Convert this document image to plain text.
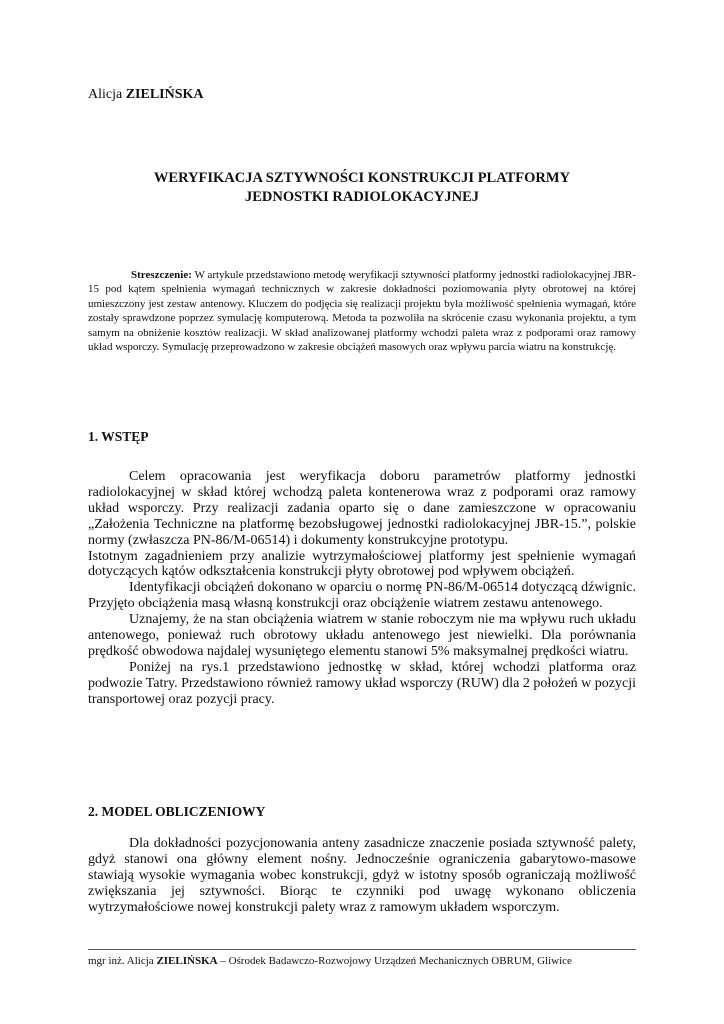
Alicja ZIELIŃSKA
WERYFIKACJA SZTYWNOŚCI KONSTRUKCJI PLATFORMY
JEDNOSTKI RADIOLOKACYJNEJ
Streszczenie: W artykule przedstawiono metodę weryfikacji sztywności platformy jednostki radiolokacyjnej JBR-15 pod kątem spełnienia wymagań technicznych w zakresie dokładności poziomowania płyty obrotowej na której umieszczony jest zestaw antenowy. Kluczem do podjęcia się realizacji projektu była możliwość spełnienia wymagań, które zostały sprawdzone poprzez symulację komputerową. Metoda ta pozwoliła na skrócenie czasu wykonania projektu, a tym samym na obniżenie kosztów realizacji. W skład analizowanej platformy wchodzi paleta wraz z podporami oraz ramowy układ wsporczy. Symulację przeprowadzono w zakresie obciążeń masowych oraz wpływu parcia wiatru na konstrukcję.
1. WSTĘP

Celem opracowania jest weryfikacja doboru parametrów platformy jednostki radiolokacyjnej w skład której wchodzą paleta kontenerowa wraz z podporami oraz ramowy układ wsporczy. Przy realizacji zadania oparto się o dane zamieszczone w opracowaniu „Założenia Techniczne na platformę bezobsługowej jednostki radiolokacyjnej JBR-15.”, polskie normy (zwłaszcza PN-86/M-06514) i dokumenty konstrukcyjne prototypu.

Istotnym zagadnieniem przy analizie wytrzymałościowej platformy jest spełnienie wymagań dotyczących kątów odkształcenia konstrukcji płyty obrotowej pod wpływem obciążeń.

Identyfikacji obciążeń dokonano w oparciu o normę PN-86/M-06514 dotyczącą dźwignic. Przyjęto obciążenia masą własną konstrukcji oraz obciążenie wiatrem zestawu antenowego.

Uznajemy, że na stan obciążenia wiatrem w stanie roboczym nie ma wpływu ruch układu antenowego, ponieważ ruch obrotowy układu antenowego jest niewielki. Dla porównania prędkość obwodowa najdalej wysuniętego elementu stanowi 5% maksymalnej prędkości wiatru.

Poniżej na rys.1 przedstawiono jednostkę w skład, której wchodzi platforma oraz podwozie Tatry. Przedstawiono również ramowy układ wsporczy (RUW) dla 2 położeń w pozycji transportowej oraz pozycji pracy.

2. MODEL OBLICZENIOWY

Dla dokładności pozycjonowania anteny zasadnicze znaczenie posiada sztywność palety, gdyż stanowi ona główny element nośny. Jednocześnie ograniczenia gabarytowo-masowe stawiają wysokie wymagania wobec konstrukcji, gdyż w istotny sposób ograniczają możliwość zwiększania jej sztywności. Biorąc te czynniki pod uwagę wykonano obliczenia wytrzymałościowe nowej konstrukcji palety wraz z ramowym układem wsporczym.

mgr inż. Alicja ZIELIŃSKA – Ośrodek Badawczo-Rozwojowy Urządzeń Mechanicznych OBRUM, Gliwice
